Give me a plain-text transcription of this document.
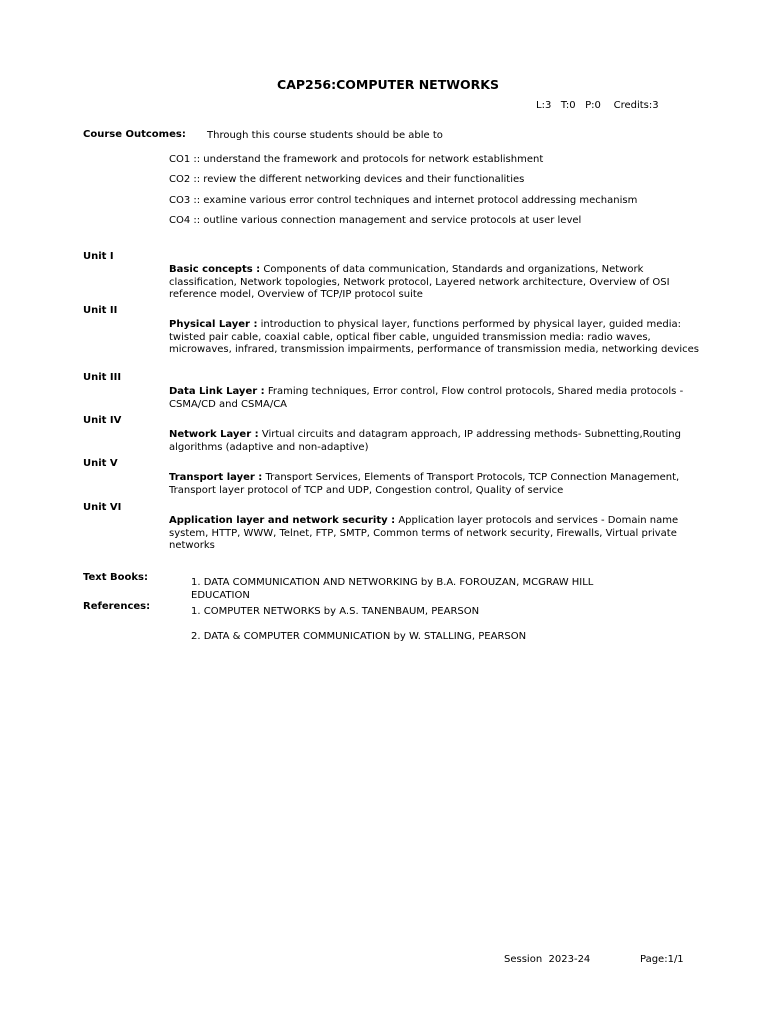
CAP256:COMPUTER NETWORKS
L:3   T:0   P:0    Credits:3
Course Outcomes: Through this course students should be able to
CO1 :: understand the framework and protocols for network establishment
CO2 :: review the different networking devices and their functionalities
CO3 :: examine various error control techniques and internet protocol addressing mechanism
CO4 :: outline various connection management and service protocols at user level
Unit I
Basic concepts : Components of data communication, Standards and organizations, Network classification, Network topologies, Network protocol, Layered network architecture, Overview of OSI reference model, Overview of TCP/IP protocol suite
Unit II
Physical Layer : introduction to physical layer, functions performed by physical layer, guided media: twisted pair cable, coaxial cable, optical fiber cable, unguided transmission media: radio waves, microwaves, infrared, transmission impairments, performance of transmission media, networking devices
Unit III
Data Link Layer : Framing techniques, Error control, Flow control protocols, Shared media protocols - CSMA/CD and CSMA/CA
Unit IV
Network Layer : Virtual circuits and datagram approach, IP addressing methods- Subnetting,Routing algorithms (adaptive and non-adaptive)
Unit V
Transport layer : Transport Services, Elements of Transport Protocols, TCP Connection Management, Transport layer protocol of TCP and UDP, Congestion control, Quality of service
Unit VI
Application layer and network security : Application layer protocols and services - Domain name system, HTTP, WWW, Telnet, FTP, SMTP, Common terms of network security, Firewalls, Virtual private networks
Text Books:	1. DATA COMMUNICATION AND NETWORKING by B.A. FOROUZAN, MCGRAW HILL EDUCATION
References:	1. COMPUTER NETWORKS by A.S. TANENBAUM, PEARSON
2. DATA & COMPUTER COMMUNICATION by W. STALLING, PEARSON
Session  2023-24	Page:1/1
